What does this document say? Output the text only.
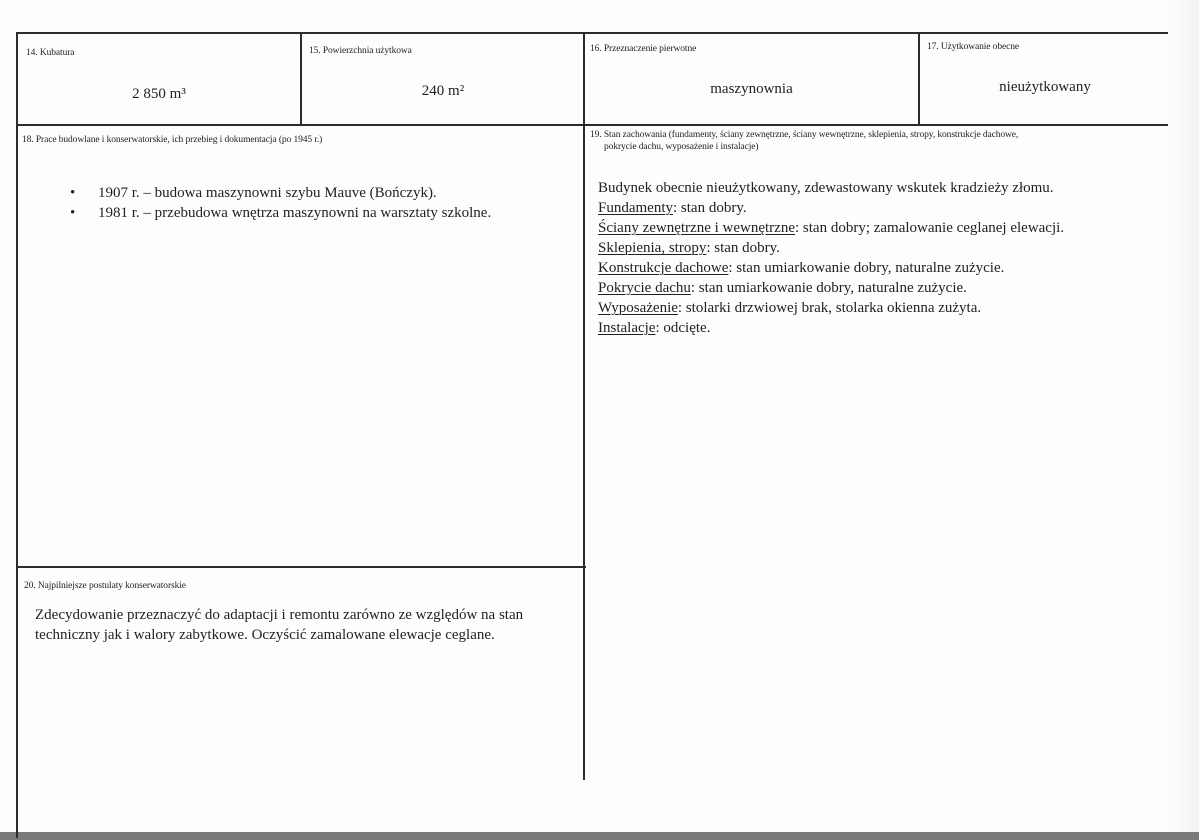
14. Kubatura
2 850 m³
15. Powierzchnia użytkowa
240 m²
16. Przeznaczenie pierwotne
maszynownia
17. Użytkowanie obecne
nieużytkowany
18. Prace budowlane i konserwatorskie, ich przebieg i dokumentacja (po 1945 r.)
• 1907 r. – budowa maszynowni szybu Mauve (Bończyk).
• 1981 r. – przebudowa wnętrza maszynowni na warsztaty szkolne.
19. Stan zachowania (fundamenty, ściany zewnętrzne, ściany wewnętrzne, sklepienia, stropy, konstrukcje dachowe,
pokrycie dachu, wyposażenie i instalacje)

Budynek obecnie nieużytkowany, zdewastowany wskutek kradzieży złomu.

Fundamenty: stan dobry.

Ściany zewnętrzne i wewnętrzne: stan dobry; zamalowanie ceglanej elewacji.

Sklepienia, stropy: stan dobry.

Konstrukcje dachowe: stan umiarkowanie dobry, naturalne zużycie.

Pokrycie dachu: stan umiarkowanie dobry, naturalne zużycie.

Wyposażenie: stolarki drzwiowej brak, stolarka okienna zużyta.

Instalacje: odcięte.

20. Najpilniejsze postulaty konserwatorskie
Zdecydowanie przeznaczyć do adaptacji i remontu zarówno ze względów na stan techniczny jak i walory zabytkowe. Oczyścić zamalowane elewacje ceglane.
